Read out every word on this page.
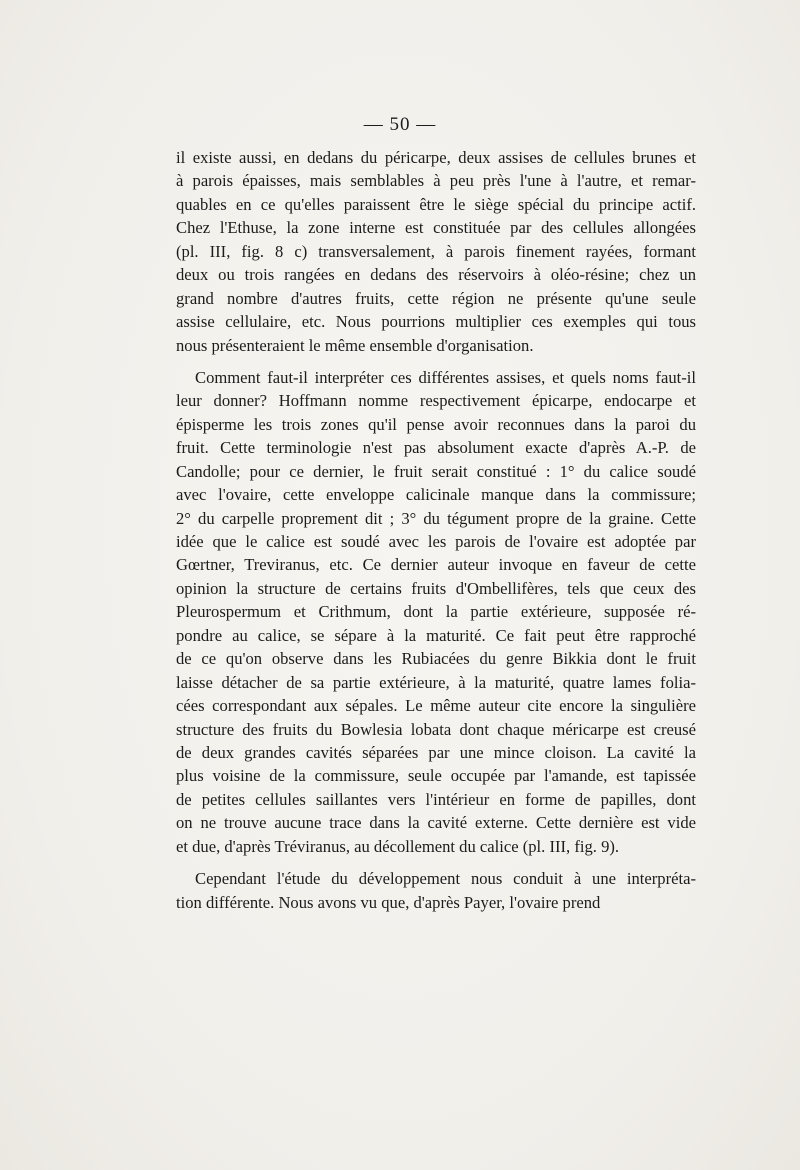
— 50 —
il existe aussi, en dedans du péricarpe, deux assises de cellules brunes et
à parois épaisses, mais semblables à peu près l'une à l'autre, et remar-
quables en ce qu'elles paraissent être le siège spécial du principe actif.
Chez l'Ethuse, la zone interne est constituée par des cellules allongées
(pl. III, fig. 8 c) transversalement, à parois finement rayées, formant
deux ou trois rangées en dedans des réservoirs à oléo-résine; chez un
grand nombre d'autres fruits, cette région ne présente qu'une seule
assise cellulaire, etc. Nous pourrions multiplier ces exemples qui tous
nous présenteraient le même ensemble d'organisation.
Comment faut-il interpréter ces différentes assises, et quels noms faut-il
leur donner? Hoffmann nomme respectivement épicarpe, endocarpe et
épisperme les trois zones qu'il pense avoir reconnues dans la paroi du
fruit. Cette terminologie n'est pas absolument exacte d'après A.-P. de
Candolle; pour ce dernier, le fruit serait constitué : 1° du calice soudé
avec l'ovaire, cette enveloppe calicinale manque dans la commissure;
2° du carpelle proprement dit ; 3° du tégument propre de la graine. Cette
idée que le calice est soudé avec les parois de l'ovaire est adoptée par
Gœrtner, Treviranus, etc. Ce dernier auteur invoque en faveur de cette
opinion la structure de certains fruits d'Ombellifères, tels que ceux des
Pleurospermum et Crithmum, dont la partie extérieure, supposée ré-
pondre au calice, se sépare à la maturité. Ce fait peut être rapproché
de ce qu'on observe dans les Rubiacées du genre Bikkia dont le fruit
laisse détacher de sa partie extérieure, à la maturité, quatre lames folia-
cées correspondant aux sépales. Le même auteur cite encore la singulière
structure des fruits du Bowlesia lobata dont chaque méricarpe est creusé
de deux grandes cavités séparées par une mince cloison. La cavité la
plus voisine de la commissure, seule occupée par l'amande, est tapissée
de petites cellules saillantes vers l'intérieur en forme de papilles, dont
on ne trouve aucune trace dans la cavité externe. Cette dernière est vide
et due, d'après Tréviranus, au décollement du calice (pl. III, fig. 9).
Cependant l'étude du développement nous conduit à une interpréta-
tion différente. Nous avons vu que, d'après Payer, l'ovaire prend
